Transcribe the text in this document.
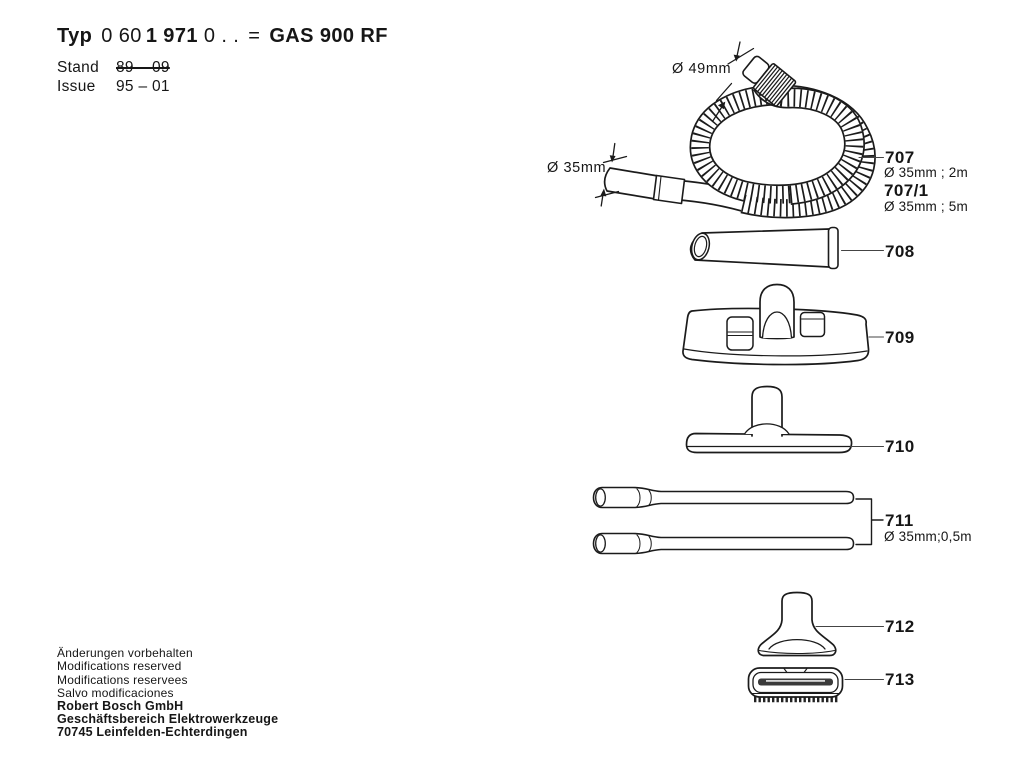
Typ 0 60 1 971 0 . . = GAS 900 RF
Stand 89 – 09
Issue 95 – 01
Ø 49mm
Ø 35mm
707
Ø 35mm ; 2m
707/1
Ø 35mm ; 5m
708
709
710
711
Ø 35mm;0,5m
712
713
Änderungen vorbehalten
Modifications reserved
Modifications reservees
Salvo modificaciones
Robert Bosch GmbH
Geschäftsbereich Elektrowerkzeuge
70745 Leinfelden-Echterdingen
